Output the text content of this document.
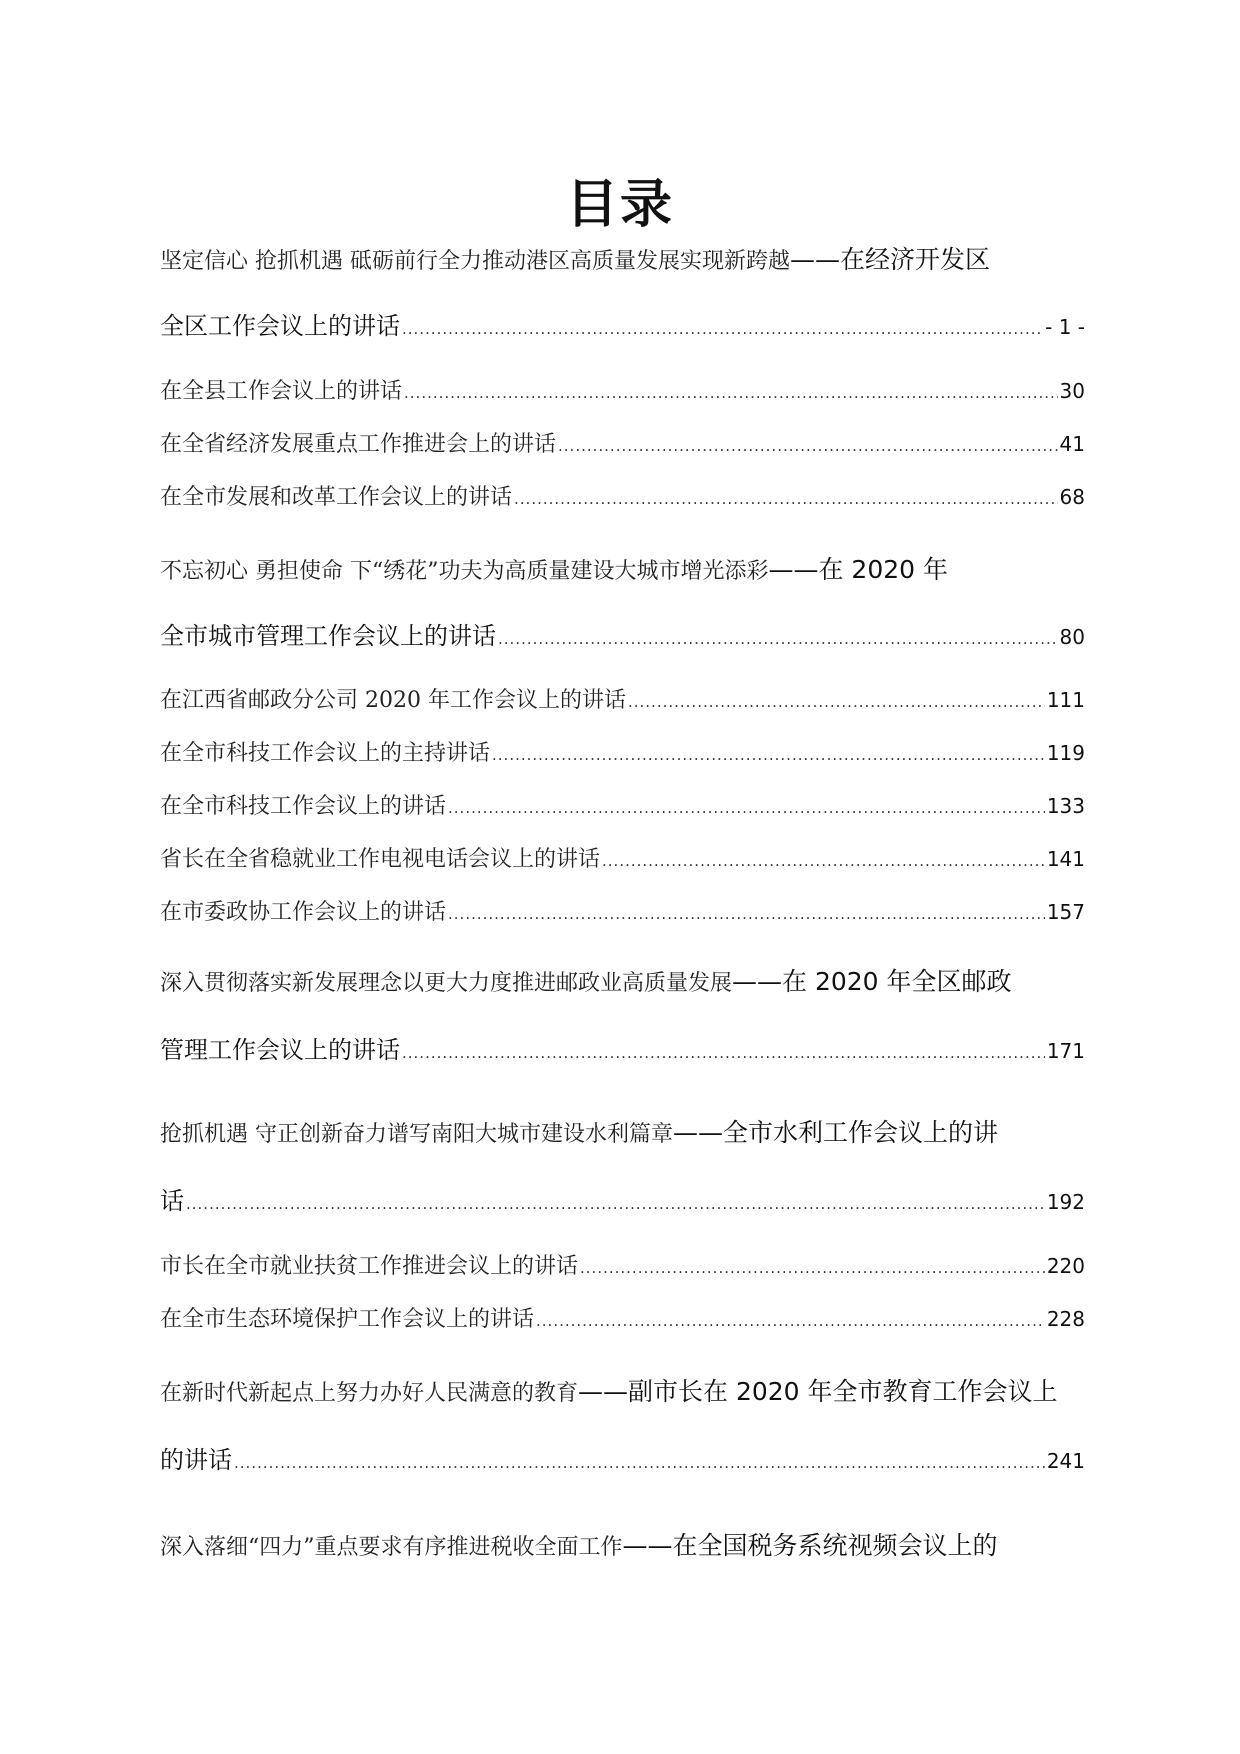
目录
坚定信心 抢抓机遇 砥砺前行全力推动港区高质量发展实现新跨越 —— 在经济开发区
全区工作会议上的讲话 .....	- 1 -
在全县工作会议上的讲话 .....	30
在全省经济发展重点工作推进会上的讲话 .....	41
在全市发展和改革工作会议上的讲话 .....	68
不忘初心 勇担使命 下“绣花”功夫为高质量建设大城市增光添彩 —— 在 2020 年
全市城市管理工作会议上的讲话 .....	80
在江西省邮政分公司 2020 年工作会议上的讲话 .....	111
在全市科技工作会议上的主持讲话 .....	119
在全市科技工作会议上的讲话 .....	133
省长在全省稳就业工作电视电话会议上的讲话 .....	141
在市委政协工作会议上的讲话 .....	157
深入贯彻落实新发展理念以更大力度推进邮政业高质量发展 —— 在 2020 年全区邮政
管理工作会议上的讲话 .....	171
抢抓机遇 守正创新奋力谱写南阳大城市建设水利篇章 —— 全市水利工作会议上的讲
话 .....	192
市长在全市就业扶贫工作推进会议上的讲话 .....	220
在全市生态环境保护工作会议上的讲话 .....	228
在新时代新起点上努力办好人民满意的教育 —— 副市长在 2020 年全市教育工作会议上
的讲话 .....	241
深入落细“四力”重点要求有序推进税收全面工作 —— 在全国税务系统视频会议上的
